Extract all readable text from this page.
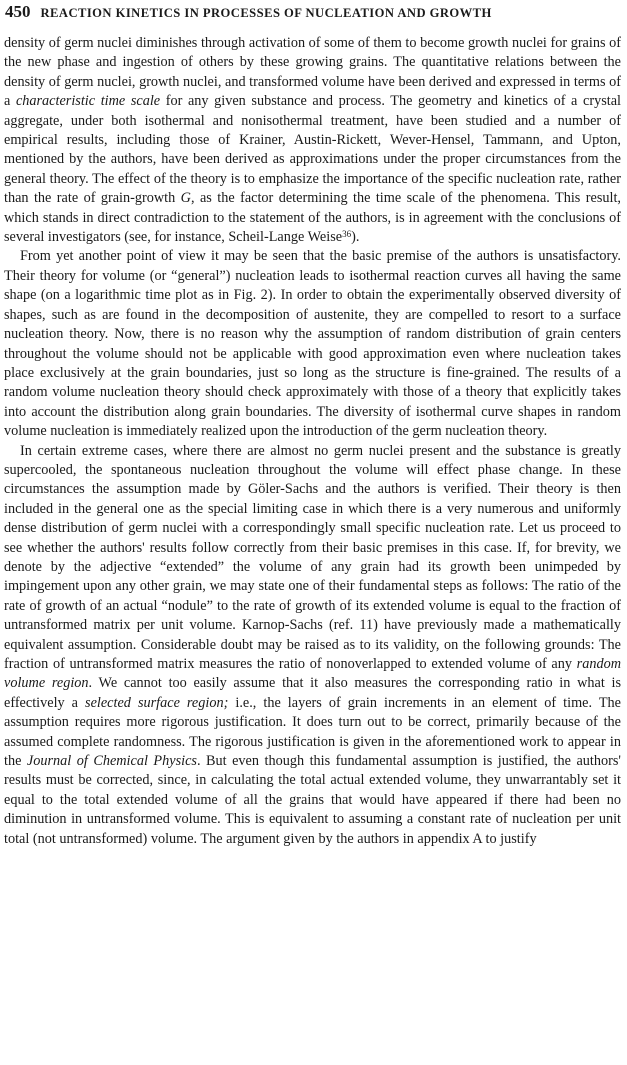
450 REACTION KINETICS IN PROCESSES OF NUCLEATION AND GROWTH

density of germ nuclei diminishes through activation of some of them to become growth nuclei for grains of the new phase and ingestion of others by these growing grains. The quantitative relations between the density of germ nuclei, growth nuclei, and transformed volume have been derived and expressed in terms of a characteristic time scale for any given substance and process. The geometry and kinetics of a crystal aggregate, under both isothermal and nonisothermal treatment, have been studied and a number of empirical results, including those of Krainer, Austin-Rickett, Wever-Hensel, Tammann, and Upton, mentioned by the authors, have been derived as approximations under the proper circumstances from the general theory. The effect of the theory is to emphasize the importance of the specific nucleation rate, rather than the rate of grain-growth G, as the factor determining the time scale of the phenomena. This result, which stands in direct contradiction to the statement of the authors, is in agreement with the conclusions of several investigators (see, for instance, Scheil-Lange Weise$^{36}$).

From yet another point of view it may be seen that the basic premise of the authors is unsatisfactory. Their theory for volume (or “general”) nucleation leads to isothermal reaction curves all having the same shape (on a logarithmic time plot as in Fig. 2). In order to obtain the experimentally observed diversity of shapes, such as are found in the decomposition of austenite, they are compelled to resort to a surface nucleation theory. Now, there is no reason why the assumption of random distribution of grain centers throughout the volume should not be applicable with good approximation even where nucleation takes place exclusively at the grain boundaries, just so long as the structure is fine-grained. The results of a random volume nucleation theory should check approximately with those of a theory that explicitly takes into account the distribution along grain boundaries. The diversity of isothermal curve shapes in random volume nucleation is immediately realized upon the introduction of the germ nucleation theory.

In certain extreme cases, where there are almost no germ nuclei present and the substance is greatly supercooled, the spontaneous nucleation throughout the volume will effect phase change. In these circumstances the assumption made by Göler-Sachs and the authors is verified. Their theory is then included in the general one as the special limiting case in which there is a very numerous and uniformly dense distribution of germ nuclei with a correspondingly small specific nucleation rate. Let us proceed to see whether the authors' results follow correctly from their basic premises in this case. If, for brevity, we denote by the adjective “extended” the volume of any grain had its growth been unimpeded by impingement upon any other grain, we may state one of their fundamental steps as follows: The ratio of the rate of growth of an actual “nodule” to the rate of growth of its extended volume is equal to the fraction of untransformed matrix per unit volume. Karnop-Sachs (ref. 11) have previously made a mathematically equivalent assumption. Considerable doubt may be raised as to its validity, on the following grounds: The fraction of untransformed matrix measures the ratio of nonoverlapped to extended volume of any random volume region. We cannot too easily assume that it also measures the corresponding ratio in what is effectively a selected surface region; i.e., the layers of grain increments in an element of time. The assumption requires more rigorous justification. It does turn out to be correct, primarily because of the assumed complete randomness. The rigorous justification is given in the aforementioned work to appear in the Journal of Chemical Physics. But even though this fundamental assumption is justified, the authors' results must be corrected, since, in calculating the total actual extended volume, they unwarrantably set it equal to the total extended volume of all the grains that would have appeared if there had been no diminution in untransformed volume. This is equivalent to assuming a constant rate of nucleation per unit total (not untransformed) volume. The argument given by the authors in appendix A to justify
